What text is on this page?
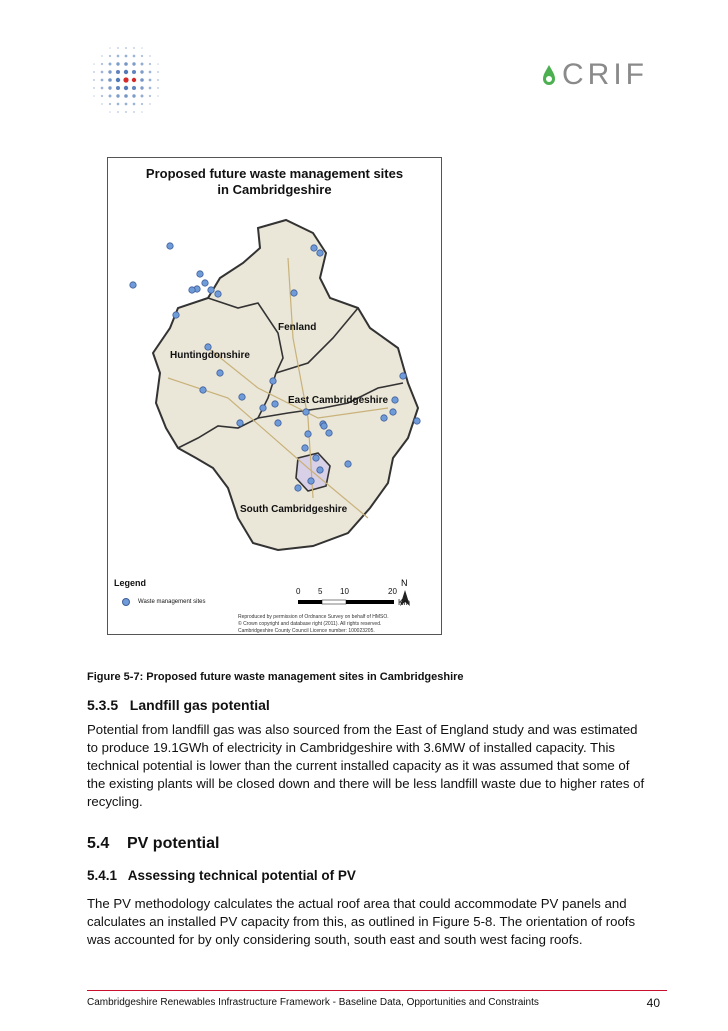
CRIF
Proposed future waste management sites
in Cambridgeshire
Fenland
Huntingdonshire
East Cambridgeshire
South Cambridgeshire
N
Legend
Waste management sites
0 5 10	20
Km
Reproduced by permission of Ordnance Survey on behalf of HMSO.
© Crown copyright and database right (2011). All rights reserved.
Cambridgeshire County Council Licence number: 100023205.
Figure 5-7: Proposed future waste management sites in Cambridgeshire
5.3.5   Landfill gas potential
Potential from landfill gas was also sourced from the East of England study and was estimated
to produce 19.1GWh of electricity in Cambridgeshire with 3.6MW of installed capacity. This
technical potential is lower than the current installed capacity as it was assumed that some of
the existing plants will be closed down and there will be less landfill waste due to higher rates of
recycling.
5.4 PV potential
5.4.1   Assessing technical potential of PV
The PV methodology calculates the actual roof area that could accommodate PV panels and
calculates an installed PV capacity from this, as outlined in Figure 5-8. The orientation of roofs
was accounted for by only considering south, south east and south west facing roofs.
Cambridgeshire Renewables Infrastructure Framework - Baseline Data, Opportunities and Constraints	40
